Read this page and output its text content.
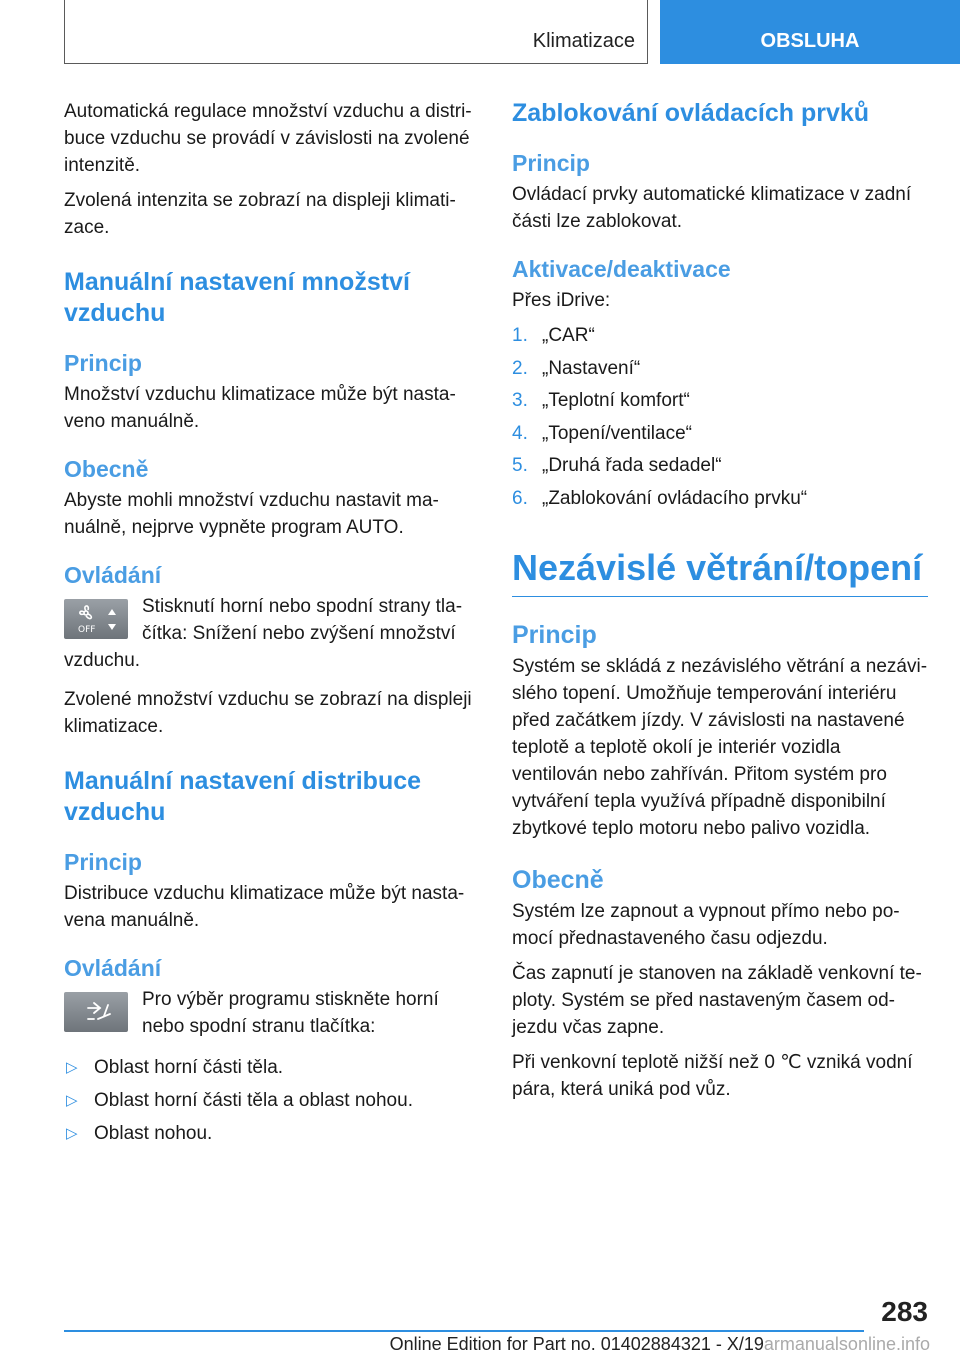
Klimatizace	OBSLUHA

Automatická regulace množství vzduchu a distribuce vzduchu se provádí v závislosti na zvolené intenzitě.

Zvolená intenzita se zobrazí na displeji klimatizace.

Manuální nastavení množství vzduchu
Princip

Množství vzduchu klimatizace může být nastaveno manuálně.

Obecně

Abyste mohli množství vzduchu nastavit manuálně, nejprve vypněte program AUTO.

Ovládání
OFF

Stisknutí horní nebo spodní strany tlačítka: Snížení nebo zvýšení množství

vzduchu.

Zvolené množství vzduchu se zobrazí na displeji klimatizace.

Manuální nastavení distribuce vzduchu
Princip

Distribuce vzduchu klimatizace může být nastavena manuálně.

Ovládání

Pro výběr programu stiskněte horní nebo spodní stranu tlačítka:

▷ Oblast horní části těla.
▷ Oblast horní části těla a oblast nohou.
▷ Oblast nohou.
Zablokování ovládacích prvků
Princip

Ovládací prvky automatické klimatizace v zadní části lze zablokovat.

Aktivace/deaktivace

Přes iDrive:

1. „CAR“
2. „Nastavení“
3. „Teplotní komfort“
4. „Topení/ventilace“
5. „Druhá řada sedadel“
6. „Zablokování ovládacího prvku“
Nezávislé větrání/topení
Princip

Systém se skládá z nezávislého větrání a nezávislého topení. Umožňuje temperování interiéru před začátkem jízdy. V závislosti na nastavené teplotě a teplotě okolí je interiér vozidla ventilován nebo zahříván. Přitom systém pro vytváření tepla využívá případně disponibilní zbytkové teplo motoru nebo palivo vozidla.

Obecně

Systém lze zapnout a vypnout přímo nebo pomocí přednastaveného času odjezdu.

Čas zapnutí je stanoven na základě venkovní teploty. Systém se před nastaveným časem odjezdu včas zapne.

Při venkovní teplotě nižší než 0 ℃ vzniká vodní pára, která uniká pod vůz.

283
Online Edition for Part no. 01402884321 - X/19armanualsonline.info
